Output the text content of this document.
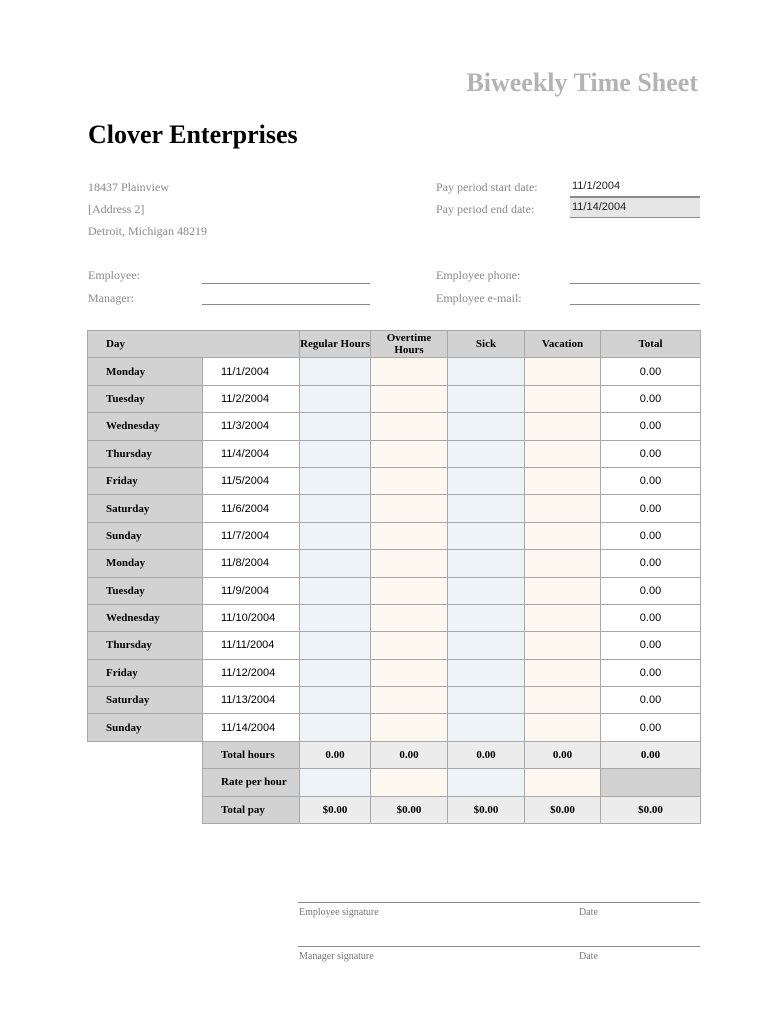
Biweekly Time Sheet
Clover Enterprises
18437 Plainview
[Address 2]
Detroit, Michigan 48219
Pay period start date:	11/1/2004
Pay period end date:	11/14/2004
Employee:
Manager:
Employee phone:
Employee e-mail:
Day		Regular Hours	Overtime Hours	Sick	Vacation	Total
Monday	11/1/2004					0.00
Tuesday	11/2/2004					0.00
Wednesday	11/3/2004					0.00
Thursday	11/4/2004					0.00
Friday	11/5/2004					0.00
Saturday	11/6/2004					0.00
Sunday	11/7/2004					0.00
Monday	11/8/2004					0.00
Tuesday	11/9/2004					0.00
Wednesday	11/10/2004					0.00
Thursday	11/11/2004					0.00
Friday	11/12/2004					0.00
Saturday	11/13/2004					0.00
Sunday	11/14/2004					0.00
	Total hours	0.00	0.00	0.00	0.00	0.00
	Rate per hour					
	Total pay	$0.00	$0.00	$0.00	$0.00	$0.00
Employee signature	Date
Manager signature	Date
